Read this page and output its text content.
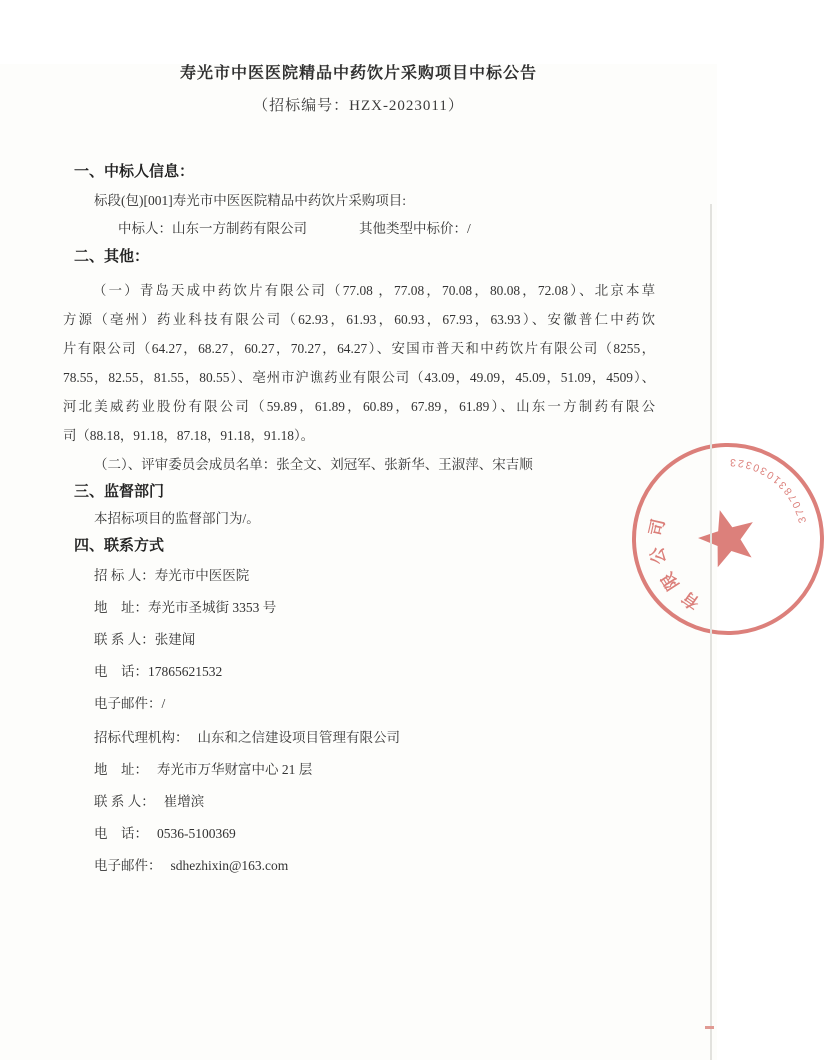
寿光市中医医院精品中药饮片采购项目中标公告
（招标编号：HZX-2023011）
一、中标人信息：
标段(包)[001]寿光市中医医院精品中药饮片采购项目:
中标人：山东一方制药有限公司	其他类型中标价：/
二、其他：
（一）青岛天成中药饮片有限公司（77.08 ，77.08，70.08，80.08，72.08）、北京本草
方源（亳州）药业科技有限公司（62.93，61.93，60.93，67.93，63.93）、安徽普仁中药饮
片有限公司（64.27，68.27，60.27，70.27，64.27）、安国市普天和中药饮片有限公司（8255，
78.55，82.55，81.55，80.55）、亳州市沪谯药业有限公司（43.09，49.09，45.09，51.09，4509）、
河北美威药业股份有限公司（59.89，61.89，60.89，67.89，61.89）、山东一方制药有限公
司（88.18，91.18，87.18，91.18，91.18）。
（二）、评审委员会成员名单：张全文、刘冠军、张新华、王淑萍、宋吉顺
三、监督部门
本招标项目的监督部门为/。
四、联系方式
招 标 人：寿光市中医医院
地    址：寿光市圣城街 3353 号
联 系 人：张建闻
电    话：17865621532
电子邮件：/
招标代理机构： 山东和之信建设项目管理有限公司
地    址： 寿光市万华财富中心 21 层
联 系 人： 崔增滨
电    话： 0536-5100369
电子邮件： sdhezhixin@163.com
有限公司	3707831030323
